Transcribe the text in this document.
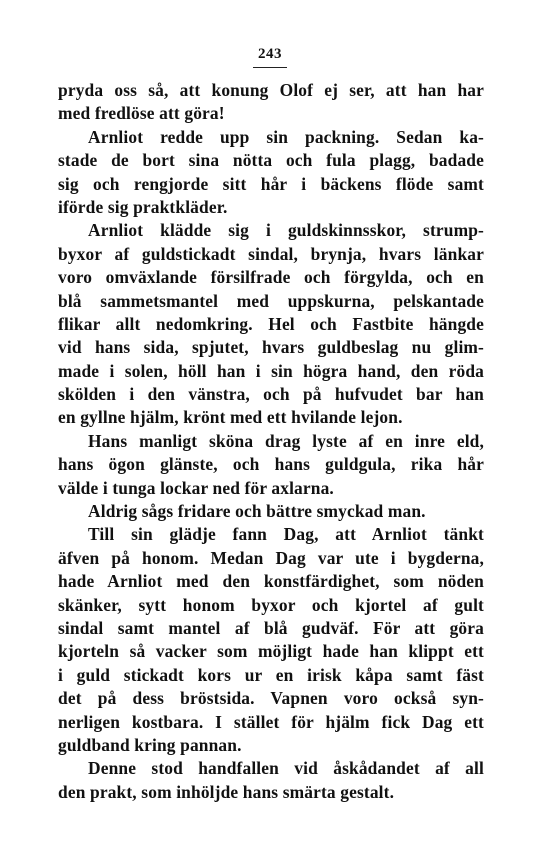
243
pryda oss så, att konung Olof ej ser, att han har
med fredlöse att göra!
Arnliot redde upp sin packning. Sedan ka-
stade de bort sina nötta och fula plagg, badade
sig och rengjorde sitt hår i bäckens flöde samt
iförde sig praktkläder.
Arnliot klädde sig i guldskinnsskor, strump-
byxor af guldstickadt sindal, brynja, hvars länkar
voro omväxlande försilfrade och förgylda, och en
blå sammetsmantel med uppskurna, pelskantade
flikar allt nedomkring. Hel och Fastbite hängde
vid hans sida, spjutet, hvars guldbeslag nu glim-
made i solen, höll han i sin högra hand, den röda
skölden i den vänstra, och på hufvudet bar han
en gyllne hjälm, krönt med ett hvilande lejon.
Hans manligt sköna drag lyste af en inre eld,
hans ögon glänste, och hans guldgula, rika hår
välde i tunga lockar ned för axlarna.
Aldrig sågs fridare och bättre smyckad man.
Till sin glädje fann Dag, att Arnliot tänkt
äfven på honom. Medan Dag var ute i bygderna,
hade Arnliot med den konstfärdighet, som nöden
skänker, sytt honom byxor och kjortel af gult
sindal samt mantel af blå gudväf. För att göra
kjorteln så vacker som möjligt hade han klippt ett
i guld stickadt kors ur en irisk kåpa samt fäst
det på dess bröstsida. Vapnen voro också syn-
nerligen kostbara. I stället för hjälm fick Dag ett
guldband kring pannan.
Denne stod handfallen vid åskådandet af all
den prakt, som inhöljde hans smärta gestalt.
